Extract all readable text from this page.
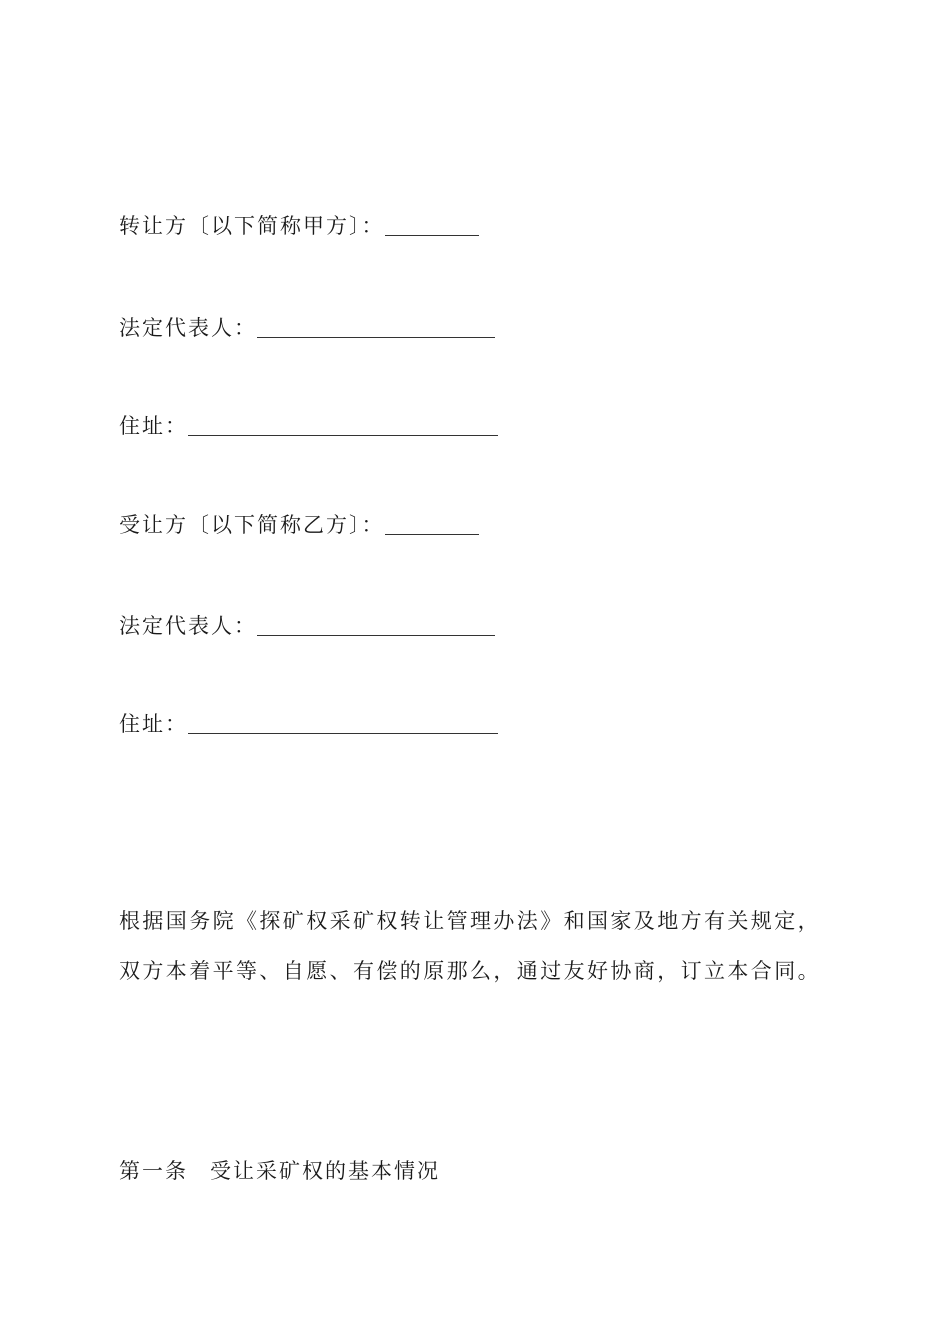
转让方〔以下简称甲方〕：
法定代表人：
住址：
受让方〔以下简称乙方〕：
法定代表人：
住址：

根据国务院《探矿权采矿权转让管理办法》和国家及地方有关规定，

双方本着平等、自愿、有偿的原那么，通过友好协商，订立本合同。

第一条 受让采矿权的基本情况
